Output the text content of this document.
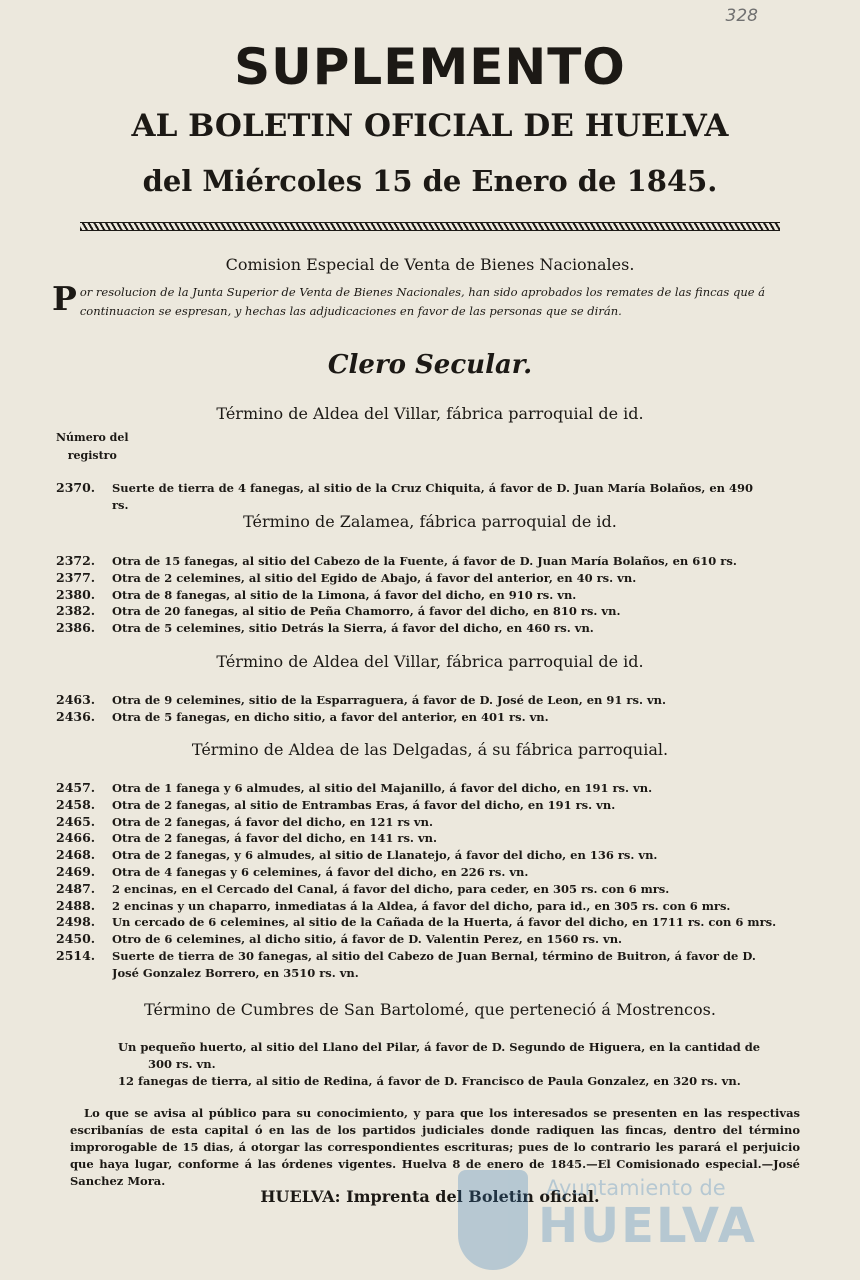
328
SUPLEMENTO
AL BOLETIN OFICIAL DE HUELVA
del Miércoles 15 de Enero de 1845.
Comision Especial de Venta de Bienes Nacionales.
Por resolucion de la Junta Superior de Venta de Bienes Nacionales, han sido aprobados los remates de las fincas que á continuacion se espresan, y hechas las adjudicaciones en favor de las personas que se dirán.
Clero Secular.
Término de Aldea del Villar, fábrica parroquial de id.
Número del
registro
2370.	Suerte de tierra de 4 fanegas, al sitio de la Cruz Chiquita, á favor de D. Juan María Bolaños, en 490
rs.
Término de Zalamea, fábrica parroquial de id.
2372.	Otra de 15 fanegas, al sitio del Cabezo de la Fuente, á favor de D. Juan María Bolaños, en 610 rs.
2377.	Otra de 2 celemines, al sitio del Egido de Abajo, á favor del anterior, en 40 rs. vn.
2380.	Otra de 8 fanegas, al sitio de la Limona, á favor del dicho, en 910 rs. vn.
2382.	Otra de 20 fanegas, al sitio de Peña Chamorro, á favor del dicho, en 810 rs. vn.
2386.	Otra de 5 celemines, sitio Detrás la Sierra, á favor del dicho, en 460 rs. vn.
Término de Aldea del Villar, fábrica parroquial de id.
2463.	Otra de 9 celemines, sitio de la Esparraguera, á favor de D. José de Leon, en 91 rs. vn.
2436.	Otra de 5 fanegas, en dicho sitio, a favor del anterior, en 401 rs. vn.
Término de Aldea de las Delgadas, á su fábrica parroquial.
2457.	Otra de 1 fanega y 6 almudes, al sitio del Majanillo, á favor del dicho, en 191 rs. vn.
2458.	Otra de 2 fanegas, al sitio de Entrambas Eras, á favor del dicho, en 191 rs. vn.
2465.	Otra de 2 fanegas, á favor del dicho, en 121 rs vn.
2466.	Otra de 2 fanegas, á favor del dicho, en 141 rs. vn.
2468.	Otra de 2 fanegas, y 6 almudes, al sitio de Llanatejo, á favor del dicho, en 136 rs. vn.
2469.	Otra de 4 fanegas y 6 celemines, á favor del dicho, en 226 rs. vn.
2487.	2 encinas, en el Cercado del Canal, á favor del dicho, para ceder, en 305 rs. con 6 mrs.
2488.	2 encinas y un chaparro, inmediatas á la Aldea, á favor del dicho, para id., en 305 rs. con 6 mrs.
2498.	Un cercado de 6 celemines, al sitio de la Cañada de la Huerta, á favor del dicho, en 1711 rs. con 6 mrs.
2450.	Otro de 6 celemines, al dicho sitio, á favor de D. Valentin Perez, en 1560 rs. vn.
2514.	Suerte de tierra de 30 fanegas, al sitio del Cabezo de Juan Bernal, término de Buitron, á favor de D.
José Gonzalez Borrero, en 3510 rs. vn.
Término de Cumbres de San Bartolomé, que perteneció á Mostrencos.

Un pequeño huerto, al sitio del Llano del Pilar, á favor de D. Segundo de Higuera, en la cantidad de

300 rs. vn.

12 fanegas de tierra, al sitio de Redina, á favor de D. Francisco de Paula Gonzalez, en 320 rs. vn.

Lo que se avisa al público para su conocimiento, y para que los interesados se presenten en las respectivas escribanías de esta capital ó en las de los partidos judiciales donde radiquen las fincas, dentro del término improrogable de 15 dias, á otorgar las correspondientes escrituras; pues de lo contrario les parará el perjuicio que haya lugar, conforme á las órdenes vigentes. Huelva 8 de enero de 1845.—El Comisionado especial.—José Sanchez Mora.
HUELVA: Imprenta del Boletin oficial.
Ayuntamiento de
HUELVA
